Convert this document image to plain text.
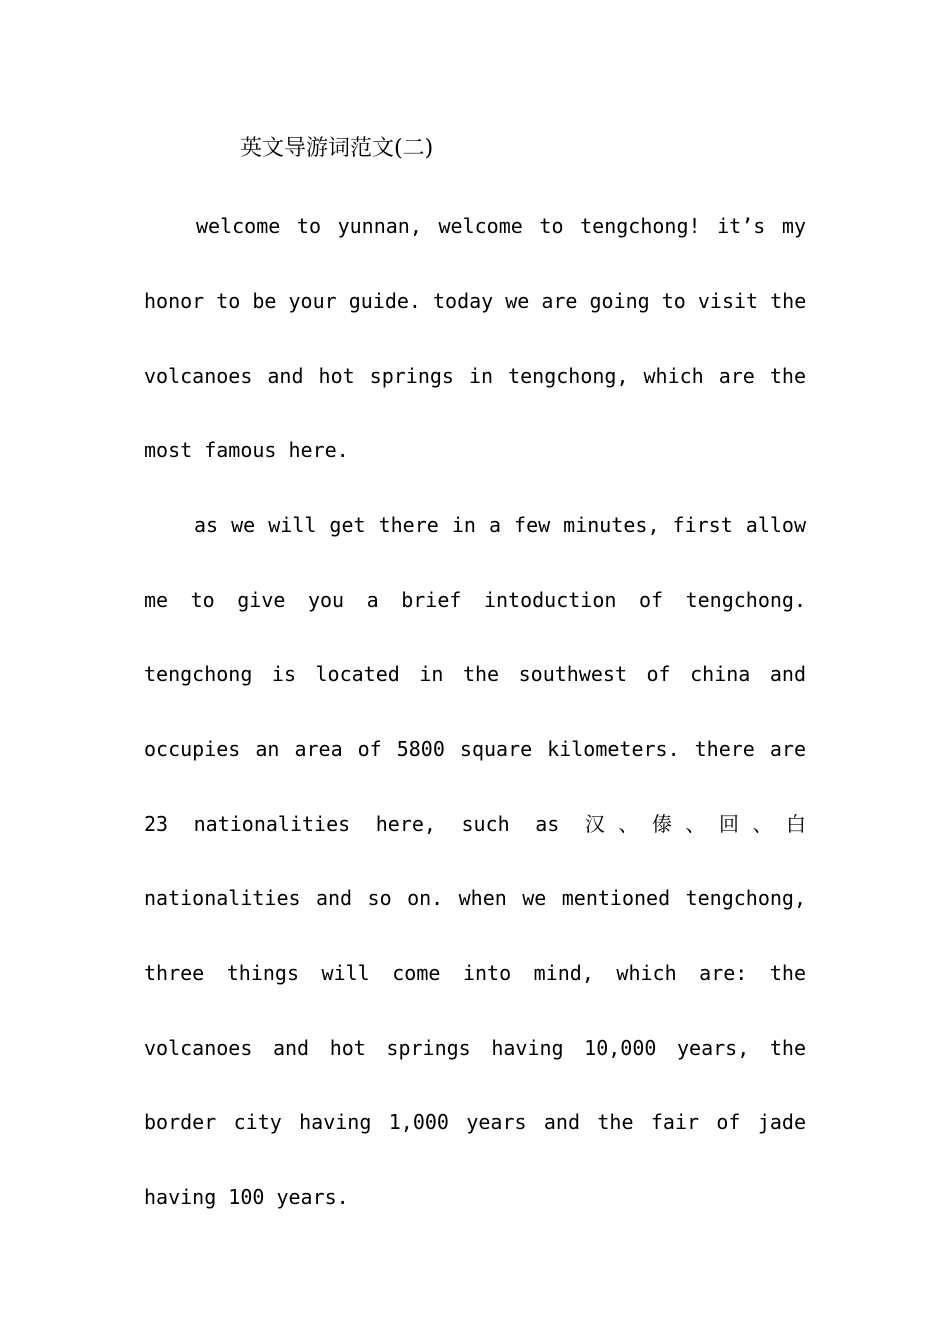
英文导游词范文(二)
welcome to yunnan, welcome to tengchong! it’s my
honor to be your guide. today we are going to visit the
volcanoes and hot springs in tengchong, which are the
most famous here.
as we will get there in a few minutes, first allow
me to give you a brief intoduction of tengchong.
tengchong is located in the southwest of china and
occupies an area of 5800 square kilometers. there are
23 nationalities here, such as 汉、傣、回、白
nationalities and so on. when we mentioned tengchong,
three things will come into mind, which are: the
volcanoes and hot springs having 10,000 years, the
border city having 1,000 years and the fair of jade
having 100 years.
